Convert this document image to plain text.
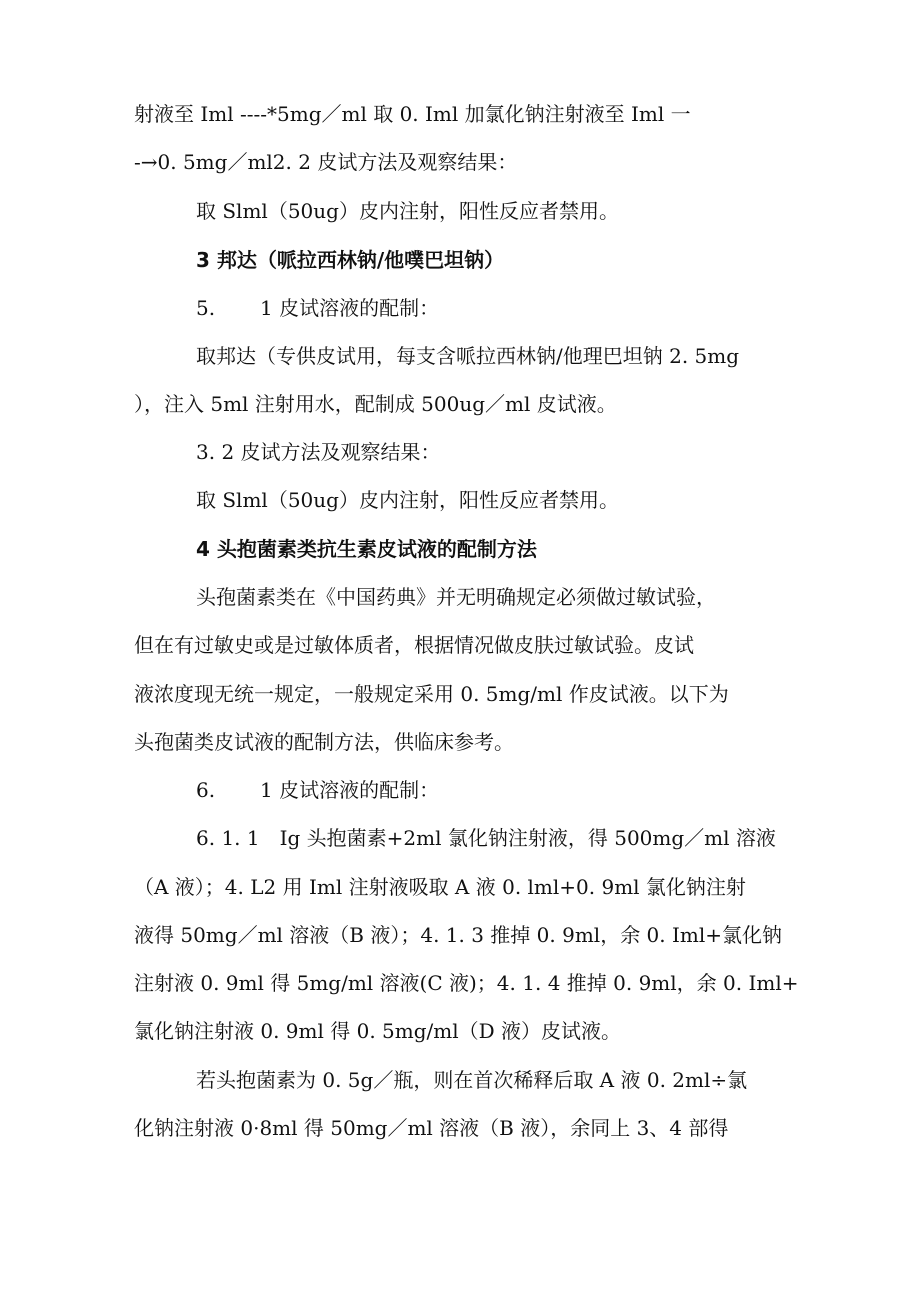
射液至 Iml ----*5mg／ml 取 0. Iml 加氯化钠注射液至 Iml 一
-→0. 5mg／ml2. 2 皮试方法及观察结果：
取 Slml（50ug）皮内注射，阳性反应者禁用。
3 邦达（哌拉西林钠/他噗巴坦钠）
5. 1 皮试溶液的配制：
取邦达（专供皮试用，每支含哌拉西林钠/他理巴坦钠 2. 5mg
），注入 5ml 注射用水，配制成 500ug／ml 皮试液。
3. 2 皮试方法及观察结果：
取 Slml（50ug）皮内注射，阳性反应者禁用。
4 头抱菌素类抗生素皮试液的配制方法
头孢菌素类在《中国药典》并无明确规定必须做过敏试验，
但在有过敏史或是过敏体质者，根据情况做皮肤过敏试验。皮试
液浓度现无统一规定，一般规定采用 0. 5mg/ml 作皮试液。以下为
头孢菌类皮试液的配制方法，供临床参考。
6. 1 皮试溶液的配制：
6. 1. 1　Ig 头抱菌素+2ml 氯化钠注射液，得 500mg／ml 溶液
（A 液）；4. L2 用 Iml 注射液吸取 A 液 0. lml+0. 9ml 氯化钠注射
液得 50mg／ml 溶液（B 液）；4. 1. 3 推掉 0. 9ml，余 0. Iml+氯化钠
注射液 0. 9ml 得 5mg/ml 溶液(C 液)；4. 1. 4 推掉 0. 9ml，余 0. Iml+
氯化钠注射液 0. 9ml 得 0. 5mg/ml（D 液）皮试液。
若头抱菌素为 0. 5g／瓶，则在首次稀释后取 A 液 0. 2ml÷氯
化钠注射液 0·8ml 得 50mg／ml 溶液（B 液），余同上 3、4 部得
